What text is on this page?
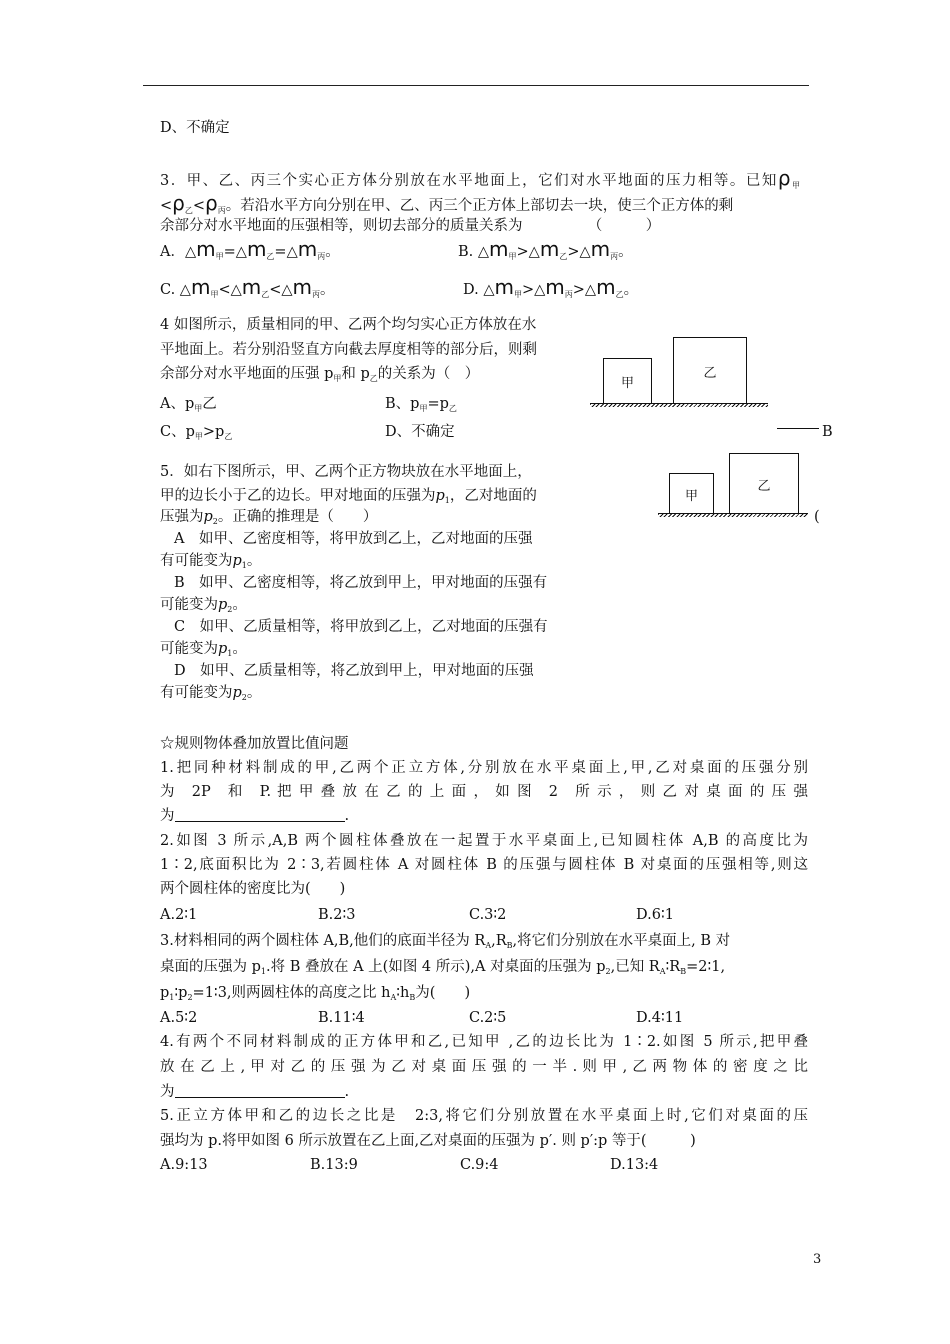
D、不确定
3．甲、乙、丙三个实心正方体分别放在水平地面上，它们对水平地面的压力相等。已知$\rho_甲$
$<\rho_乙<\rho_丙$。若沿水平方向分别在甲、乙、丙三个正方体上部切去一块，使三个正方体的剩
余部分对水平地面的压强相等，则切去部分的质量关系为　　　　　（　　　）
A．$\triangle m_甲=\triangle m_乙=\triangle m_丙$。	B. $\triangle m_甲>\triangle m_乙>\triangle m_丙$。
C. $\triangle m_甲<\triangle m_乙<\triangle m_丙$。	D. $\triangle m_甲>\triangle m_丙>\triangle m_乙$。
4 如图所示，质量相同的甲、乙两个均匀实心正方体放在水
平地面上。若分别沿竖直方向截去厚度相等的部分后，则剩
余部分对水平地面的压强 $p_甲$和 $p_乙$的关系为（　）
A、$p_甲$乙	B、$p_甲=p_乙$
C、$p_甲>p_乙$	D、不确定
甲
乙
B
5．如右下图所示，甲、乙两个正方物块放在水平地面上，
甲的边长小于乙的边长。甲对地面的压强为$p_1$，乙对地面的
压强为$p_2$。正确的推理是（　　）
A　如甲、乙密度相等，将甲放到乙上，乙对地面的压强
有可能变为$p_1$。
B　如甲、乙密度相等，将乙放到甲上，甲对地面的压强有
可能变为$p_2$。
C　如甲、乙质量相等，将甲放到乙上，乙对地面的压强有
可能变为$p_1$。
D　如甲、乙质量相等，将乙放到甲上，甲对地面的压强
有可能变为$p_2$。
甲
乙
(
☆规则物体叠加放置比值问题
1.把同种材料制成的甲,乙两个正立方体,分别放在水平桌面上,甲,乙对桌面的压强分别
为　2P　和　P. 把 甲 叠 放 在 乙 的 上 面 ， 如 图　2　所 示 ， 则 乙 对 桌 面 的 压 强
为	.
2.如图 3 所示,A,B 两个圆柱体叠放在一起置于水平桌面上,已知圆柱体 A,B 的高度比为
1∶2,底面积比为 2∶3,若圆柱体 A 对圆柱体 B 的压强与圆柱体 B 对桌面的压强相等,则这
两个圆柱体的密度比为(　　)
A.2∶1	B.2∶3	C.3∶2	D.6∶1
3.材料相同的两个圆柱体 A,B,他们的底面半径为 $R_A,R_B$,将它们分别放在水平桌面上, B 对
桌面的压强为 $p_1$.将 B 叠放在 A 上(如图 4 所示),A 对桌面的压强为 $p_2$,已知 $R_A∶R_B=2∶1$,
$p_1∶p_2=1∶3$,则两圆柱体的高度之比 $h_A∶h_B$为(　　)
A.5∶2	B.11∶4	C.2∶5	D.4∶11
4.有两个不同材料制成的正方体甲和乙,已知甲 ,乙的边长比为 1∶2.如图 5 所示,把甲叠
放 在 乙 上 , 甲 对 乙 的 压 强 为 乙 对 桌 面 压 强 的 一 半 . 则 甲 , 乙 两 物 体 的 密 度 之 比
为	.
5.正立方体甲和乙的边长之比是　2:3,将它们分别放置在水平桌面上时,它们对桌面的压
强均为 p.将甲如图 6 所示放置在乙上面,乙对桌面的压强为 p′. 则 p′:p 等于(　　　)
A.9:13	B.13:9	C.9:4	D.13:4
3
